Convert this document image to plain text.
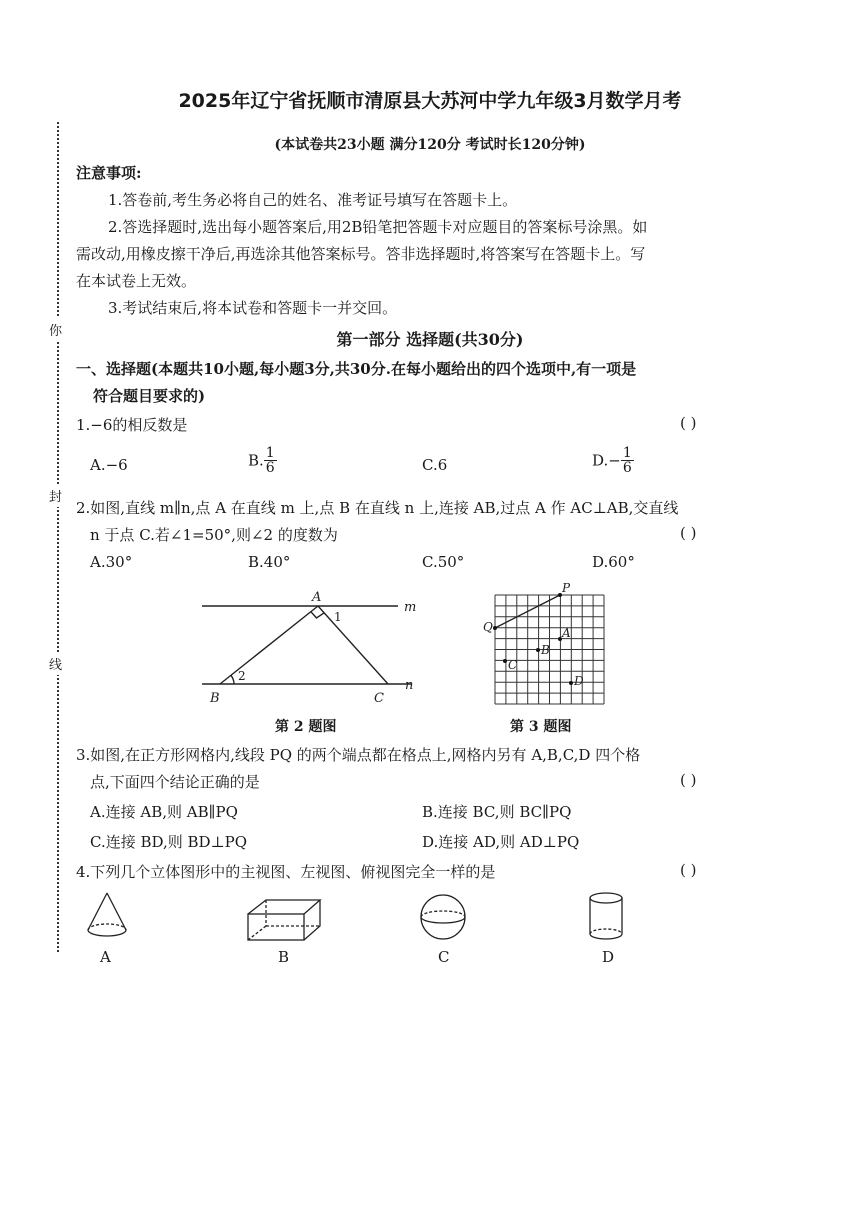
你
封
线
2025年辽宁省抚顺市清原县大苏河中学九年级3月数学月考
(本试卷共23小题 满分120分 考试时长120分钟)
注意事项:
1.答卷前,考生务必将自己的姓名、准考证号填写在答题卡上。
2.答选择题时,选出每小题答案后,用2B铅笔把答题卡对应题目的答案标号涂黑。如
需改动,用橡皮擦干净后,再选涂其他答案标号。答非选择题时,将答案写在答题卡上。写
在本试卷上无效。
3.考试结束后,将本试卷和答题卡一并交回。
第一部分 选择题(共30分)
一、选择题(本题共10小题,每小题3分,共30分.在每小题给出的四个选项中,有一项是
符合题目要求的)
1.−6的相反数是	( )
A.−6	B. $\frac{1}{6}$	C.6	$D.- \frac{1}{6}$
2.如图,直线 m∥n,点 A 在直线 m 上,点 B 在直线 n 上,连接 AB,过点 A 作 AC⊥AB,交直线
n 于点 C.若∠1=50°,则∠2 的度数为	( )
A.30°	B.40°	C.50°	D.60°
A
B	C
m
n
1
2
第 2 题图
P
Q	A
B
C
D
第 3 题图
3.如图,在正方形网格内,线段 PQ 的两个端点都在格点上,网格内另有 A,B,C,D 四个格
点,下面四个结论正确的是	( )
A.连接 AB,则 AB∥PQ	B.连接 BC,则 BC∥PQ
C.连接 BD,则 BD⊥PQ	D.连接 AD,则 AD⊥PQ
4.下列几个立体图形中的主视图、左视图、俯视图完全一样的是	( )
A	B	C	D
